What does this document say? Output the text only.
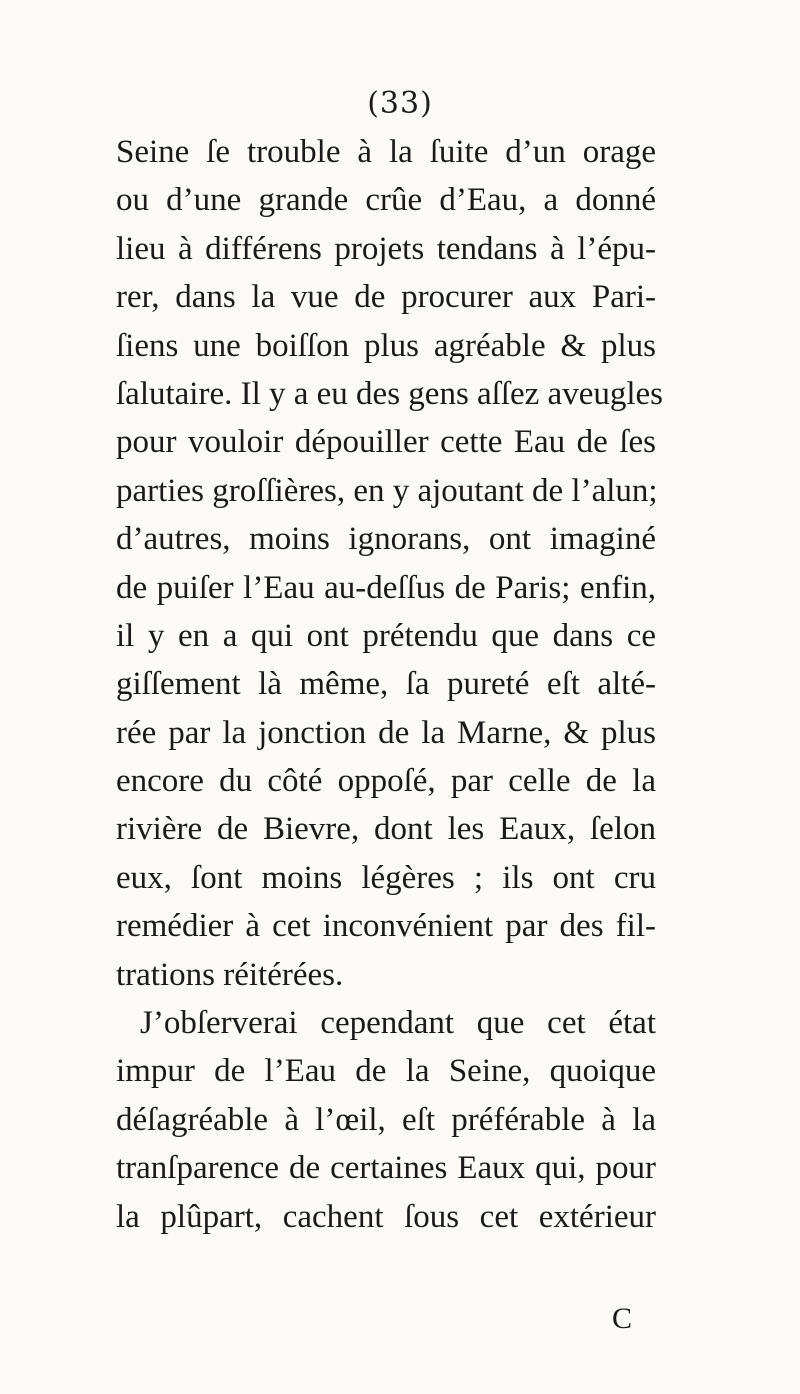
(33)
Seine ſe trouble à la ſuite d’un orage
ou d’une grande crûe d’Eau, a donné
lieu à différens projets tendans à l’épu-
rer, dans la vue de procurer aux Pari-
ſiens une boiſſon plus agréable & plus
ſalutaire. Il y a eu des gens aſſez aveugles
pour vouloir dépouiller cette Eau de ſes
parties groſſières, en y ajoutant de l’alun;
d’autres, moins ignorans, ont imaginé
de puiſer l’Eau au-deſſus de Paris; enfin,
il y en a qui ont prétendu que dans ce
giſſement là même, ſa pureté eſt alté-
rée par la jonction de la Marne, & plus
encore du côté oppoſé, par celle de la
rivière de Bievre, dont les Eaux, ſelon
eux, ſont moins légères ; ils ont cru
remédier à cet inconvénient par des fil-
trations réitérées.
J’obſerverai cependant que cet état
impur de l’Eau de la Seine, quoique
déſagréable à l’œil, eſt préférable à la
tranſparence de certaines Eaux qui, pour
la plûpart, cachent ſous cet extérieur
C
